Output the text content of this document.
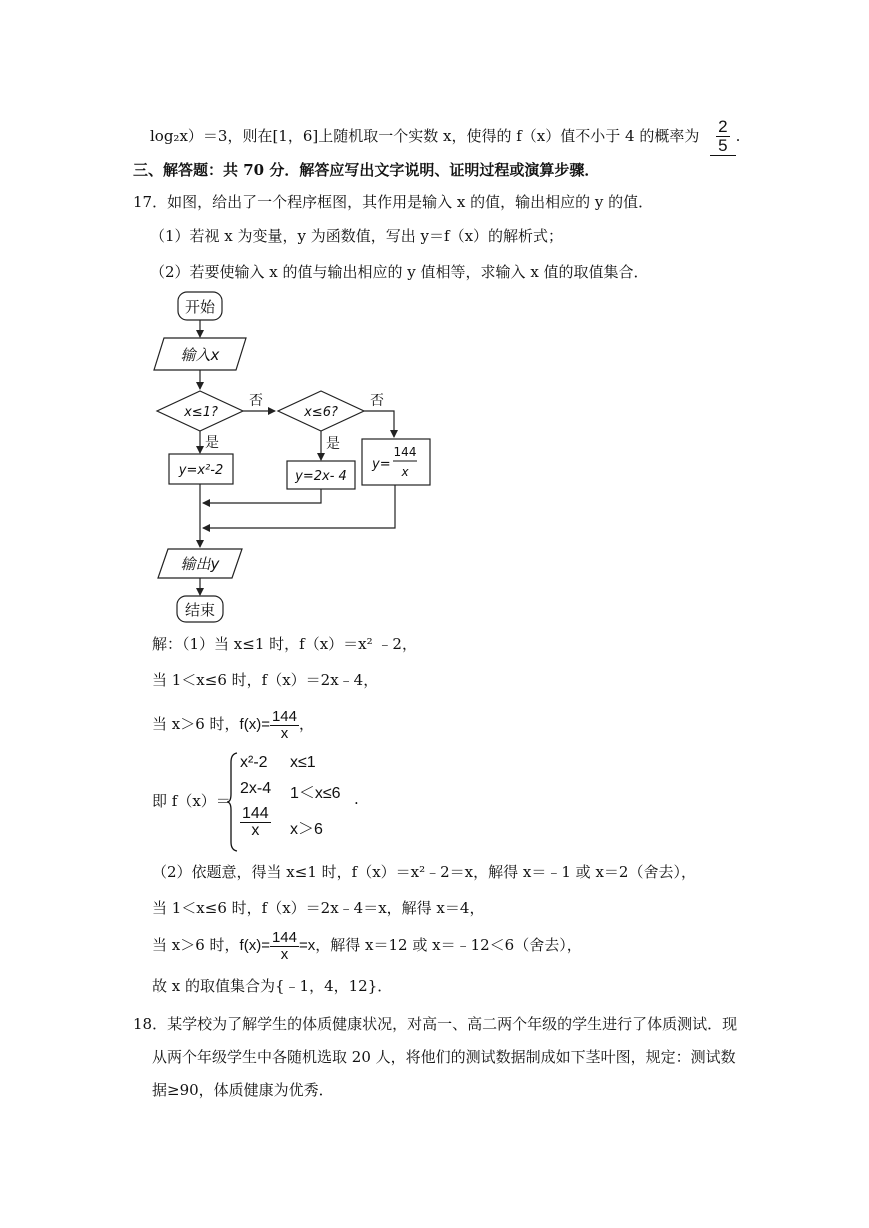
log₂x）＝3，则在[1，6]上随机取一个实数 x，使得的 f（x）值不小于 4 的概率为 $\frac{2}{5}$ .
三、解答题：共 70 分．解答应写出文字说明、证明过程或演算步骤．
17．如图，给出了一个程序框图，其作用是输入 x 的值，输出相应的 y 的值．
（1）若视 x 为变量，y 为函数值，写出 y＝f（x）的解析式；
（2）若要使输入 x 的值与输出相应的 y 值相等，求输入 x 值的取值集合．
开始
输入x
x≤1?	x≤6?
否	否
是	是
y=x²-2	y=2x- 4
y=
144
x
输出y
结束
解：（1）当 x≤1 时，f（x）＝x² ﹣2，
当 1＜x≤6 时，f（x）＝2x﹣4，
当 x＞6 时，$f(x)= \frac{144}{x}$ ，
即 f（x）＝
x²-2 x≤1
2x-4 1＜x≤6
$\frac{144}{x} x>6$
.
（2）依题意，得当 x≤1 时，f（x）＝x²﹣2＝x，解得 x＝﹣1 或 x＝2（舍去），
当 1＜x≤6 时，f（x）＝2x﹣4＝x，解得 x＝4，
当 x＞6 时，$f(x)= \frac{144}{x} =x$，解得 x＝12 或 x＝﹣12＜6（舍去），
故 x 的取值集合为{﹣1，4，12}．
18．某学校为了解学生的体质健康状况，对高一、高二两个年级的学生进行了体质测试．现
从两个年级学生中各随机选取 20 人，将他们的测试数据制成如下茎叶图，规定：测试数
据≥90，体质健康为优秀．
